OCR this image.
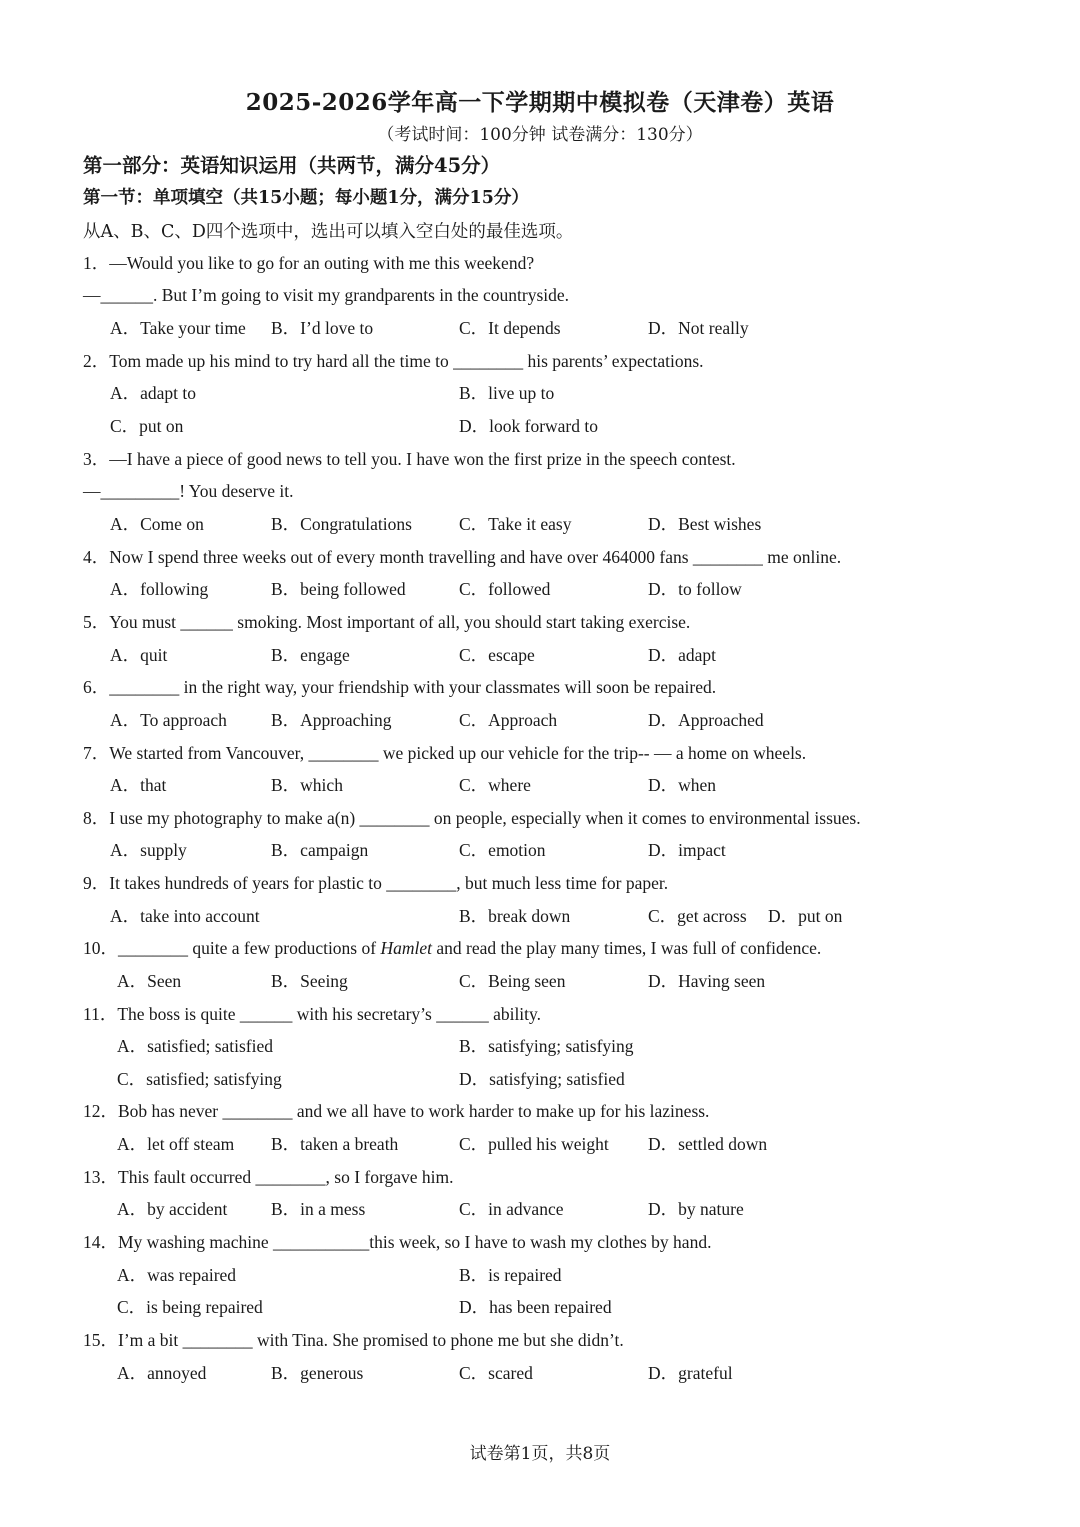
2025-2026学年高一下学期期中模拟卷（天津卷）英语
（考试时间：100分钟 试卷满分：130分）
第一部分：英语知识运用（共两节，满分45分）
第一节：单项填空（共15小题；每小题1分，满分15分）
从A、B、C、D四个选项中，选出可以填入空白处的最佳选项。
1．—Would you like to go for an outing with me this weekend?
—______. But I’m going to visit my grandparents in the countryside.
A．Take your time B．I’d love to	C．It depends	D．Not really
2．Tom made up his mind to try hard all the time to ________ his parents’ expectations.
A．adapt to	B．live up to
C．put on	D．look forward to
3．—I have a piece of good news to tell you. I have won the first prize in the speech contest.
—_________! You deserve it.
A．Come on	B．Congratulations	C．Take it easy	D．Best wishes
4．Now I spend three weeks out of every month travelling and have over 464000 fans ________ me online.
A．following	B．being followed	C．followed	D．to follow
5．You must ______ smoking. Most important of all, you should start taking exercise.
A．quit	B．engage	C．escape	D．adapt
6．________ in the right way, your friendship with your classmates will soon be repaired.
A．To approach	B．Approaching	C．Approach	D．Approached
7．We started from Vancouver, ________ we picked up our vehicle for the trip-- — a home on wheels.
A．that	B．which	C．where	D．when
8．I use my photography to make a(n) ________ on people, especially when it comes to environmental issues.
A．supply	B．campaign	C．emotion	D．impact
9．It takes hundreds of years for plastic to ________, but much less time for paper.
A．take into account	B．break down	C．get across D．put on
10．________ quite a few productions of Hamlet and read the play many times, I was full of confidence.
A．Seen	B．Seeing	C．Being seen	D．Having seen
11．The boss is quite ______ with his secretary’s ______ ability.
A．satisfied; satisfied	B．satisfying; satisfying
C．satisfied; satisfying	D．satisfying; satisfied
12．Bob has never ________ and we all have to work harder to make up for his laziness.
A．let off steam B．taken a breath	C．pulled his weight D．settled down
13．This fault occurred ________, so I forgave him.
A．by accident B．in a mess	C．in advance	D．by nature
14．My washing machine ___________this week, so I have to wash my clothes by hand.
A．was repaired	B．is repaired
C．is being repaired	D．has been repaired
15．I’m a bit ________ with Tina. She promised to phone me but she didn’t.
A．annoyed	B．generous	C．scared	D．grateful
试卷第1页，共8页
